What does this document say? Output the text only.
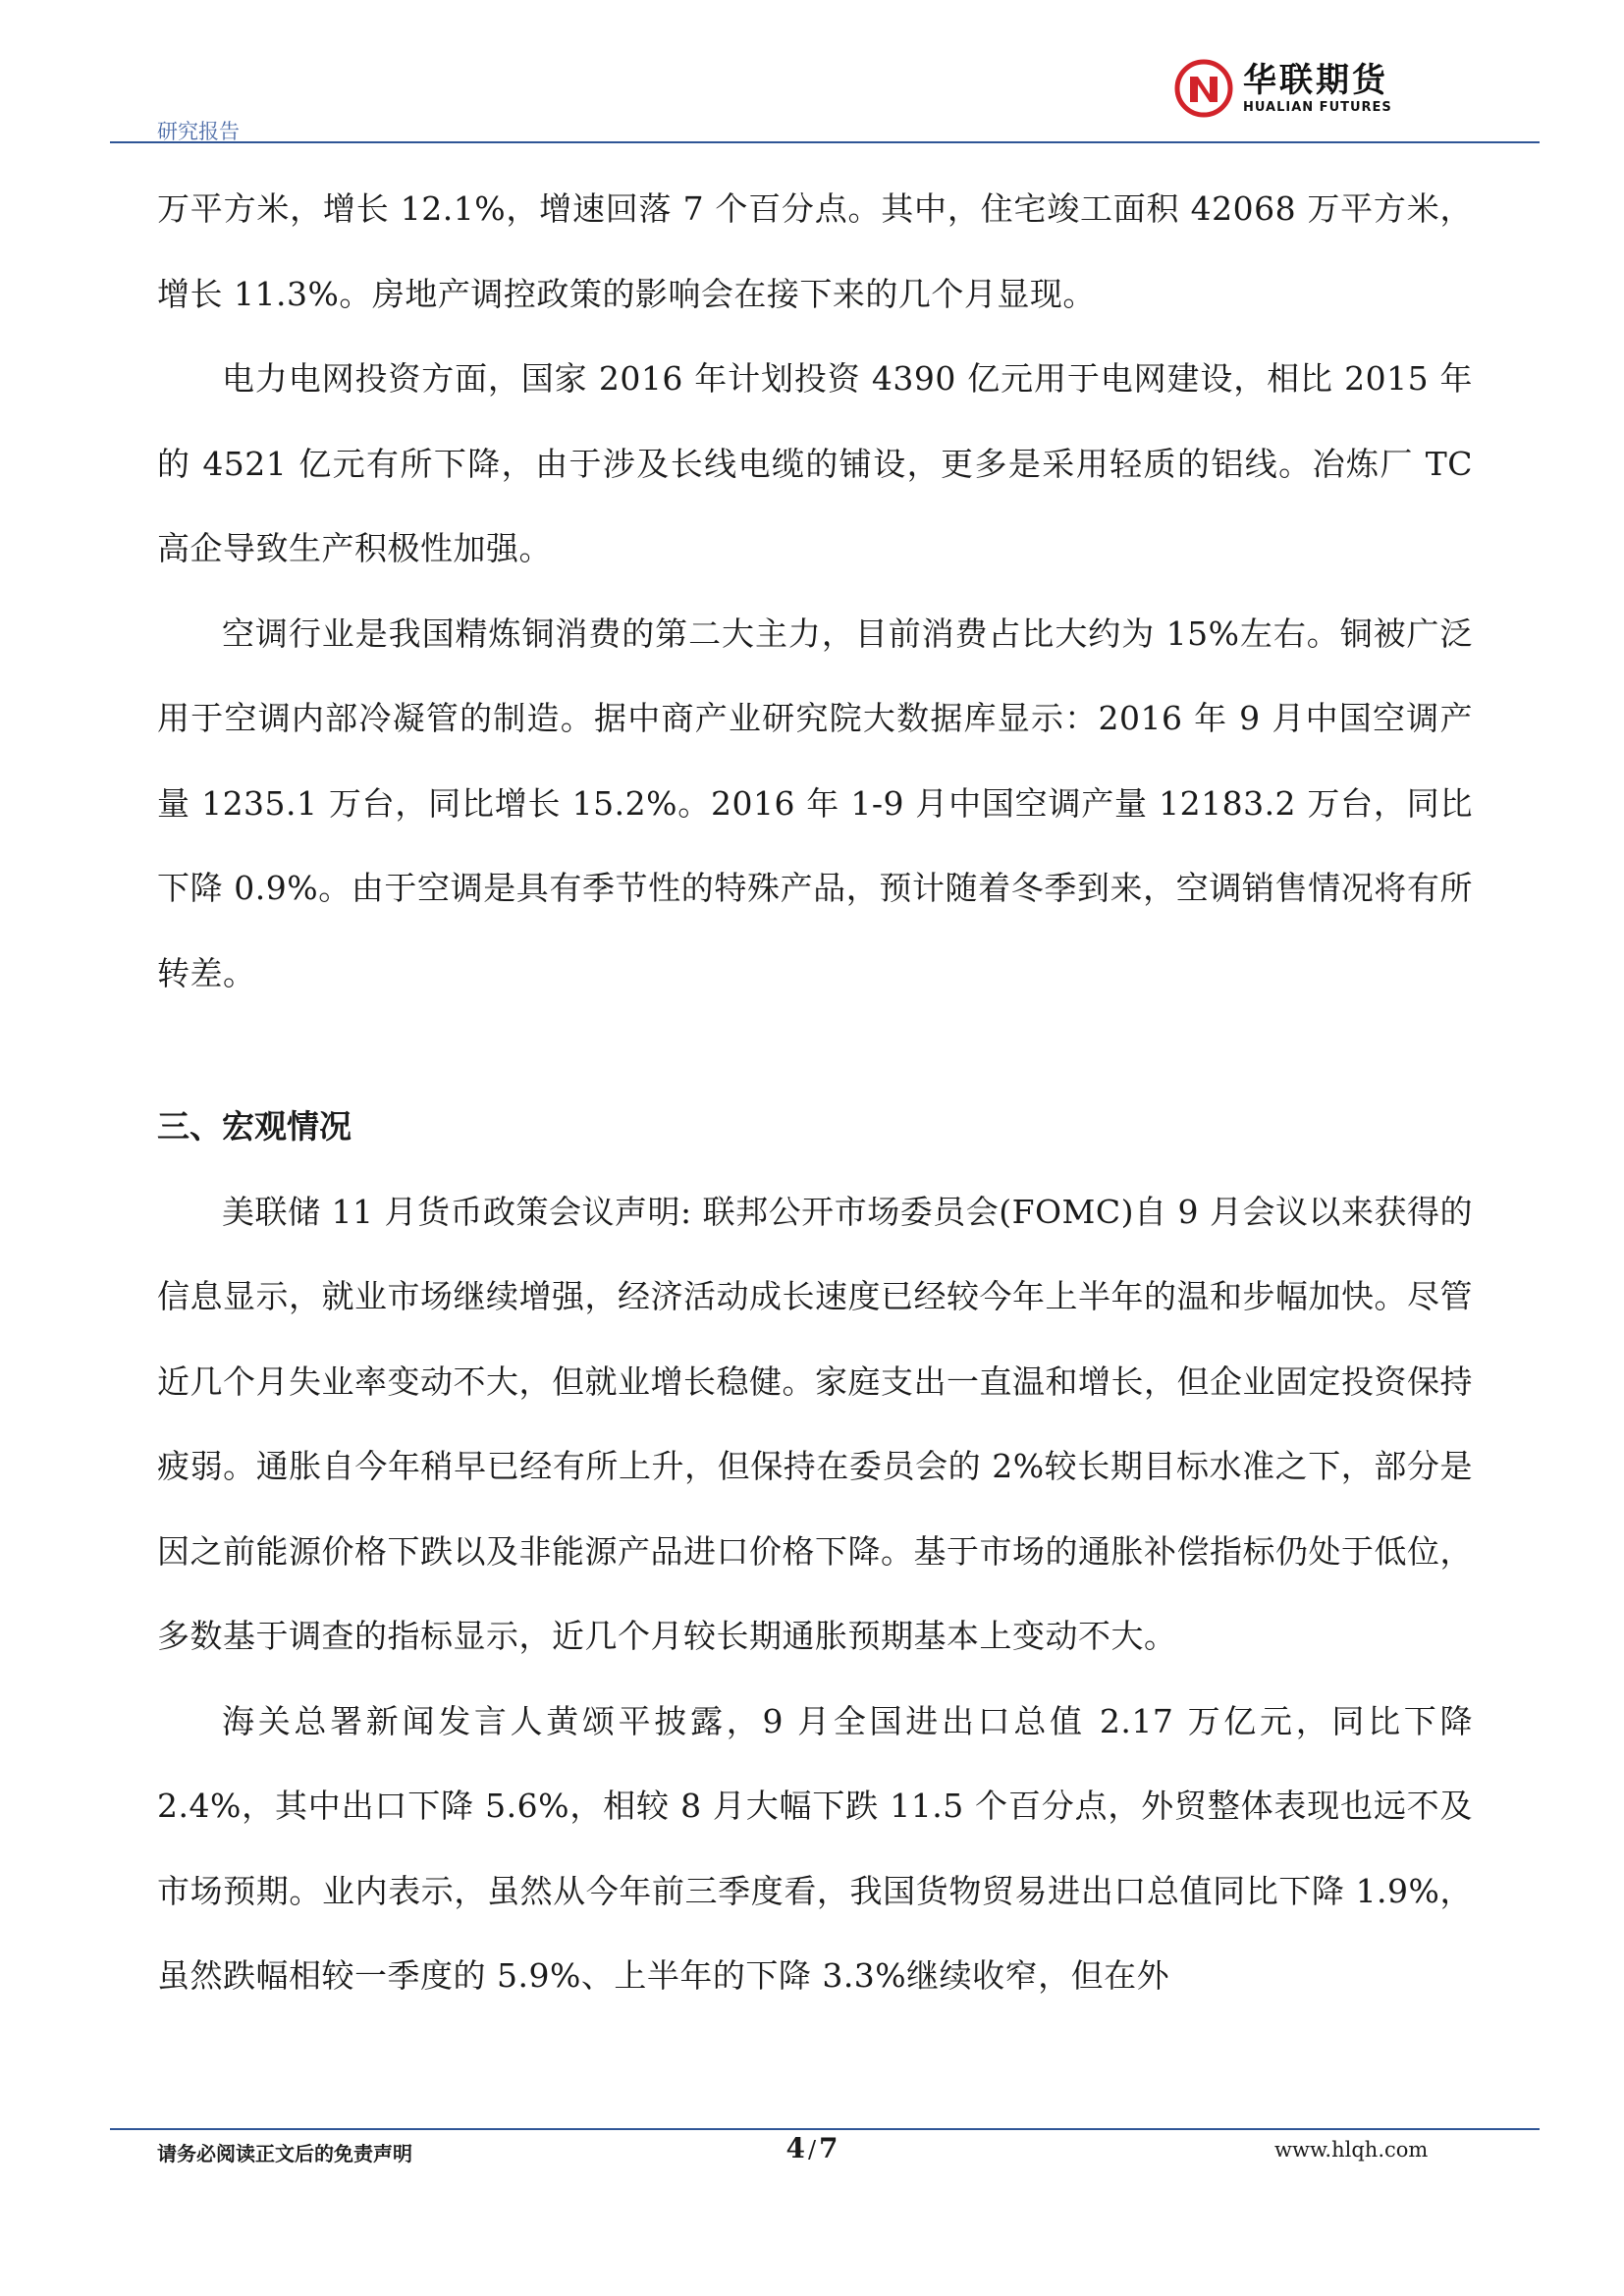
研究报告
华联期货
HUALIAN FUTURES

万平方米，增长 12.1%，增速回落 7 个百分点。其中，住宅竣工面积 42068 万平方米，增长 11.3%。房地产调控政策的影响会在接下来的几个月显现。

电力电网投资方面，国家 2016 年计划投资 4390 亿元用于电网建设，相比 2015 年的 4521 亿元有所下降，由于涉及长线电缆的铺设，更多是采用轻质的铝线。冶炼厂 TC 高企导致生产积极性加强。

空调行业是我国精炼铜消费的第二大主力，目前消费占比大约为 15%左右。铜被广泛用于空调内部冷凝管的制造。据中商产业研究院大数据库显示：2016 年 9 月中国空调产量 1235.1 万台，同比增长 15.2%。2016 年 1-9 月中国空调产量 12183.2 万台，同比下降 0.9%。由于空调是具有季节性的特殊产品，预计随着冬季到来，空调销售情况将有所转差。

三、宏观情况

美联储 11 月货币政策会议声明: 联邦公开市场委员会(FOMC)自 9 月会议以来获得的信息显示，就业市场继续增强，经济活动成长速度已经较今年上半年的温和步幅加快。尽管近几个月失业率变动不大，但就业增长稳健。家庭支出一直温和增长，但企业固定投资保持疲弱。通胀自今年稍早已经有所上升，但保持在委员会的 2%较长期目标水准之下，部分是因之前能源价格下跌以及非能源产品进口价格下降。基于市场的通胀补偿指标仍处于低位，多数基于调查的指标显示，近几个月较长期通胀预期基本上变动不大。

海关总署新闻发言人黄颂平披露，9 月全国进出口总值 2.17 万亿元，同比下降 2.4%，其中出口下降 5.6%，相较 8 月大幅下跌 11.5 个百分点，外贸整体表现也远不及市场预期。业内表示，虽然从今年前三季度看，我国货物贸易进出口总值同比下降 1.9%，虽然跌幅相较一季度的 5.9%、上半年的下降 3.3%继续收窄，但在外

请务必阅读正文后的免责声明	4 / 7	www.hlqh.com
